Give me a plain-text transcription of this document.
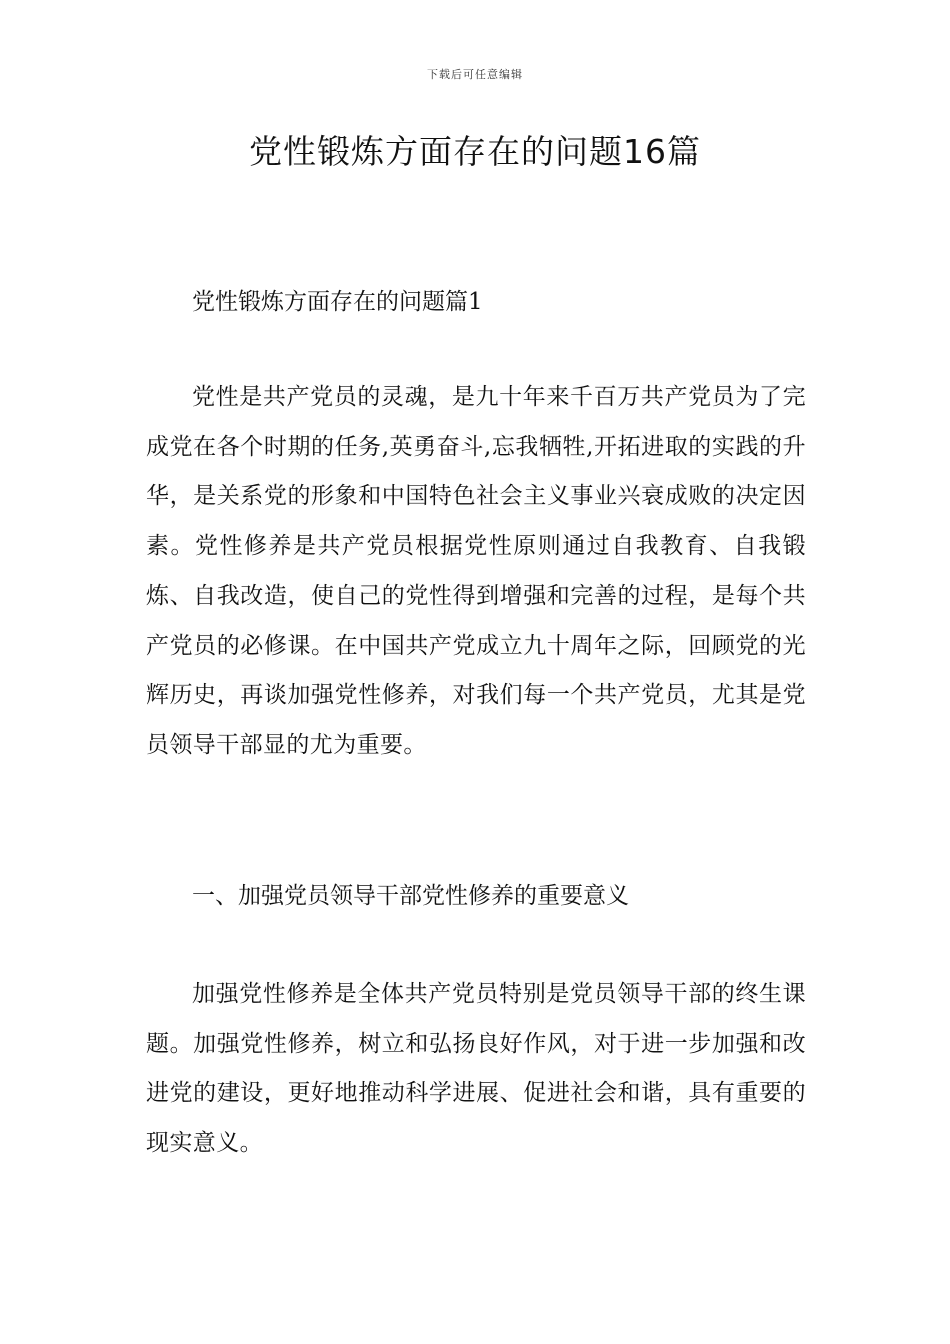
下载后可任意编辑
党性锻炼方面存在的问题16篇

党性锻炼方面存在的问题篇1

党性是共产党员的灵魂，是九十年来千百万共产党员为了完成党在各个时期的任务,英勇奋斗,忘我牺牲,开拓进取的实践的升华，是关系党的形象和中国特色社会主义事业兴衰成败的决定因素。党性修养是共产党员根据党性原则通过自我教育、自我锻炼、自我改造，使自己的党性得到增强和完善的过程，是每个共产党员的必修课。在中国共产党成立九十周年之际，回顾党的光辉历史，再谈加强党性修养，对我们每一个共产党员，尤其是党员领导干部显的尤为重要。

一、加强党员领导干部党性修养的重要意义

加强党性修养是全体共产党员特别是党员领导干部的终生课题。加强党性修养，树立和弘扬良好作风，对于进一步加强和改进党的建设，更好地推动科学进展、促进社会和谐，具有重要的现实意义。
